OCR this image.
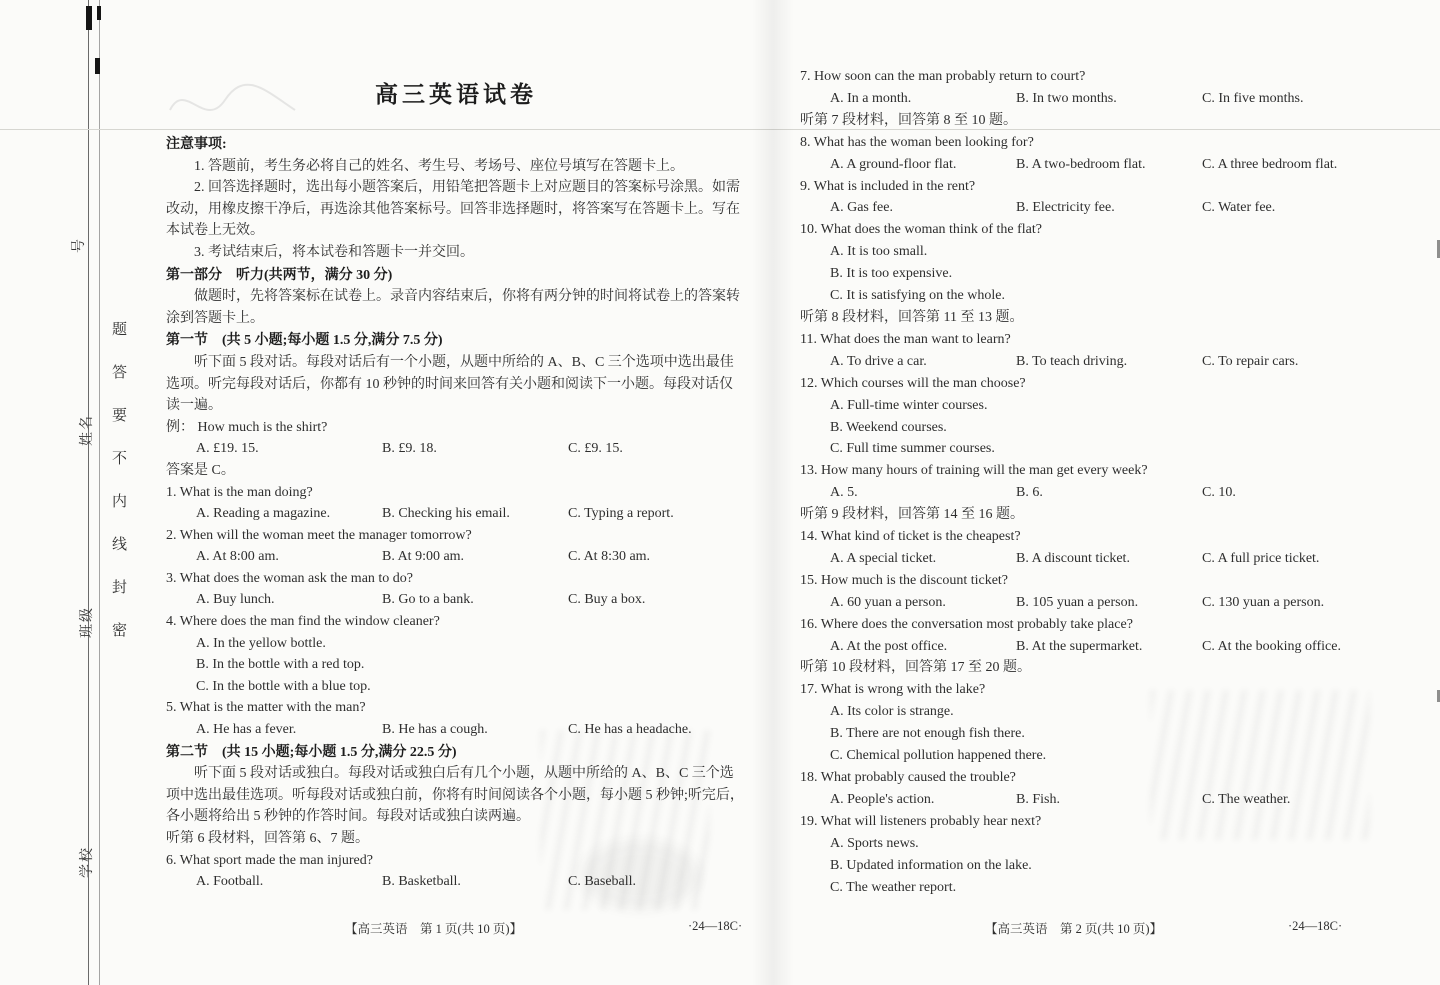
号
姓名
班级
学校
题
答
要
不
内
线
封
密
高三英语试卷
注意事项:
1. 答题前，考生务必将自己的姓名、考生号、考场号、座位号填写在答题卡上。
2. 回答选择题时，选出每小题答案后，用铅笔把答题卡上对应题目的答案标号涂黑。如需改动，用橡皮擦干净后，再选涂其他答案标号。回答非选择题时，将答案写在答题卡上。写在本试卷上无效。
3. 考试结束后，将本试卷和答题卡一并交回。
第一部分　听力(共两节，满分 30 分)
做题时，先将答案标在试卷上。录音内容结束后，你将有两分钟的时间将试卷上的答案转涂到答题卡上。
第一节　(共 5 小题;每小题 1.5 分,满分 7.5 分)
听下面 5 段对话。每段对话后有一个小题，从题中所给的 A、B、C 三个选项中选出最佳选项。听完每段对话后，你都有 10 秒钟的时间来回答有关小题和阅读下一小题。每段对话仅读一遍。
例： How much is the shirt?
A. £19. 15.	B. £9. 18.	C. £9. 15.
答案是 C。
1. What is the man doing?
A. Reading a magazine.	B. Checking his email.	C. Typing a report.
2. When will the woman meet the manager tomorrow?
A. At 8:00 am.	B. At 9:00 am.	C. At 8:30 am.
3. What does the woman ask the man to do?
A. Buy lunch.	B. Go to a bank.	C. Buy a box.
4. Where does the man find the window cleaner?
A. In the yellow bottle.
B. In the bottle with a red top.
C. In the bottle with a blue top.
5. What is the matter with the man?
A. He has a fever.	B. He has a cough.	C. He has a headache.
第二节　(共 15 小题;每小题 1.5 分,满分 22.5 分)
听下面 5 段对话或独白。每段对话或独白后有几个小题，从题中所给的 A、B、C 三个选项中选出最佳选项。听每段对话或独白前，你将有时间阅读各个小题，每小题 5 秒钟;听完后，各小题将给出 5 秒钟的作答时间。每段对话或独白读两遍。
听第 6 段材料，回答第 6、7 题。
6. What sport made the man injured?
A. Football.	B. Basketball.	C. Baseball.
7. How soon can the man probably return to court?
A. In a month.	B. In two months.	C. In five months.
听第 7 段材料，回答第 8 至 10 题。
8. What has the woman been looking for?
A. A ground-floor flat.	B. A two-bedroom flat.	C. A three bedroom flat.
9. What is included in the rent?
A. Gas fee.	B. Electricity fee.	C. Water fee.
10. What does the woman think of the flat?
A. It is too small.
B. It is too expensive.
C. It is satisfying on the whole.
听第 8 段材料，回答第 11 至 13 题。
11. What does the man want to learn?
A. To drive a car.	B. To teach driving.	C. To repair cars.
12. Which courses will the man choose?
A. Full-time winter courses.
B. Weekend courses.
C. Full time summer courses.
13. How many hours of training will the man get every week?
A. 5.	B. 6.	C. 10.
听第 9 段材料，回答第 14 至 16 题。
14. What kind of ticket is the cheapest?
A. A special ticket.	B. A discount ticket.	C. A full price ticket.
15. How much is the discount ticket?
A. 60 yuan a person.	B. 105 yuan a person.	C. 130 yuan a person.
16. Where does the conversation most probably take place?
A. At the post office.	B. At the supermarket.	C. At the booking office.
听第 10 段材料，回答第 17 至 20 题。
17. What is wrong with the lake?
A. Its color is strange.
B. There are not enough fish there.
C. Chemical pollution happened there.
18. What probably caused the trouble?
A. People's action.	B. Fish.	C. The weather.
19. What will listeners probably hear next?
A. Sports news.
B. Updated information on the lake.
C. The weather report.
【高三英语　第 1 页(共 10 页)】	·24—18C·	【高三英语　第 2 页(共 10 页)】	·24—18C·
